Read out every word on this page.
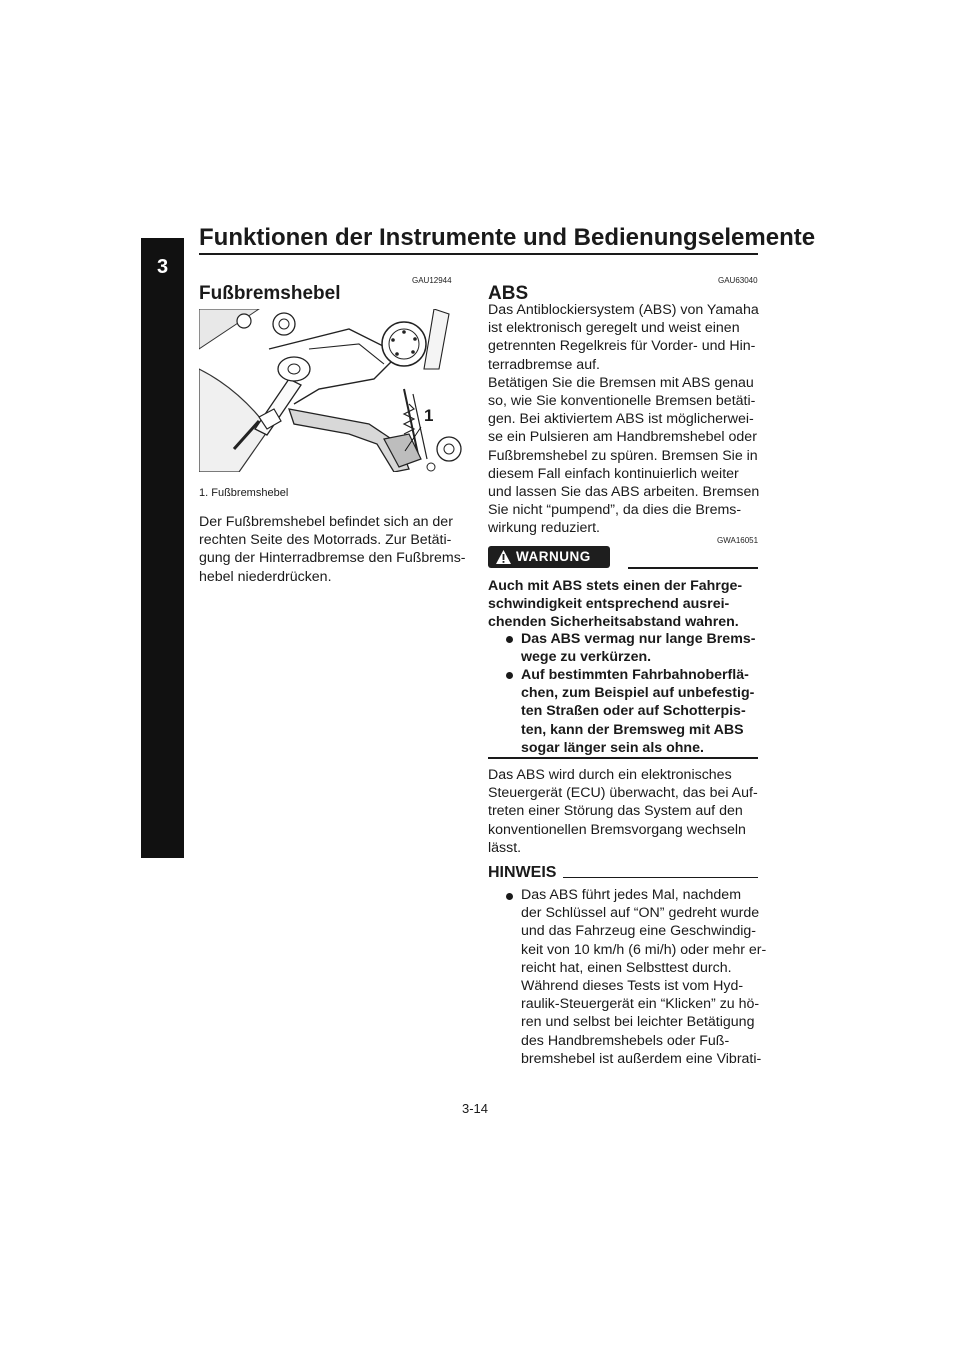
Funktionen der Instrumente und Bedienungselemente
3
GAU12944
Fußbremshebel
1
1. Fußbremshebel
Der Fußbremshebel befindet sich an der
rechten Seite des Motorrads. Zur Betäti-
gung der Hinterradbremse den Fußbrems-
hebel niederdrücken.
GAU63040
ABS
Das Antiblockiersystem (ABS) von Yamaha
ist elektronisch geregelt und weist einen
getrennten Regelkreis für Vorder- und Hin-
terradbremse auf.
Betätigen Sie die Bremsen mit ABS genau
so, wie Sie konventionelle Bremsen betäti-
gen. Bei aktiviertem ABS ist möglicherwei-
se ein Pulsieren am Handbremshebel oder
Fußbremshebel zu spüren. Bremsen Sie in
diesem Fall einfach kontinuierlich weiter
und lassen Sie das ABS arbeiten. Bremsen
Sie nicht “pumpend”, da dies die Brems-
wirkung reduziert.
GWA16051
WARNUNG
Auch mit ABS stets einen der Fahrge-
schwindigkeit entsprechend ausrei-
chenden Sicherheitsabstand wahren.
Das ABS vermag nur lange Brems-
wege zu verkürzen.
Auf bestimmten Fahrbahnoberflä-
chen, zum Beispiel auf unbefestig-
ten Straßen oder auf Schotterpis-
ten, kann der Bremsweg mit ABS
sogar länger sein als ohne.
Das ABS wird durch ein elektronisches
Steuergerät (ECU) überwacht, das bei Auf-
treten einer Störung das System auf den
konventionellen Bremsvorgang wechseln
lässt.
HINWEIS
Das ABS führt jedes Mal, nachdem
der Schlüssel auf “ON” gedreht wurde
und das Fahrzeug eine Geschwindig-
keit von 10 km/h (6 mi/h) oder mehr er-
reicht hat, einen Selbsttest durch.
Während dieses Tests ist vom Hyd-
raulik-Steuergerät ein “Klicken” zu hö-
ren und selbst bei leichter Betätigung
des Handbremshebels oder Fuß-
bremshebel ist außerdem eine Vibrati-
3-14
